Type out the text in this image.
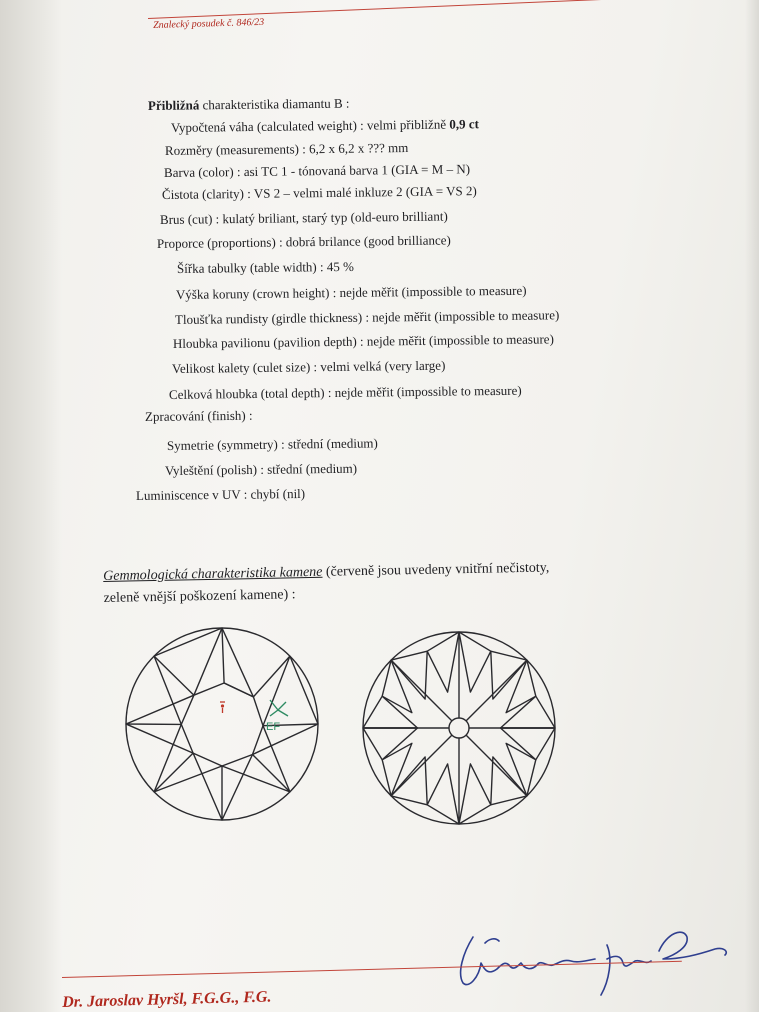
Znalecký posudek č. 846/23
Přibližná charakteristika diamantu B :
Vypočtená váha (calculated weight) : velmi přibližně 0,9 ct
Rozměry (measurements) : 6,2 x 6,2 x ??? mm
Barva (color) : asi TC 1 - tónovaná barva 1 (GIA = M – N)
Čistota (clarity) : VS 2 – velmi malé inkluze 2 (GIA = VS 2)
Brus (cut) : kulatý briliant, starý typ (old-euro brilliant)
Proporce (proportions) : dobrá brilance (good brilliance)
Šířka tabulky (table width) : 45 %
Výška koruny (crown height) : nejde měřit (impossible to measure)
Tloušťka rundisty (girdle thickness) : nejde měřit (impossible to measure)
Hloubka pavilionu (pavilion depth) : nejde měřit (impossible to measure)
Velikost kalety (culet size) : velmi velká (very large)
Celková hloubka (total depth) : nejde měřit (impossible to measure)
Zpracování (finish) :
Symetrie (symmetry) : střední (medium)
Vyleštění (polish) : střední (medium)
Luminiscence v UV : chybí (nil)
Gemmologická charakteristika kamene (červeně jsou uvedeny vnitřní nečistoty,
zeleně vnější poškození kamene) :
EF
Dr. Jaroslav Hyršl, F.G.G., F.G.
